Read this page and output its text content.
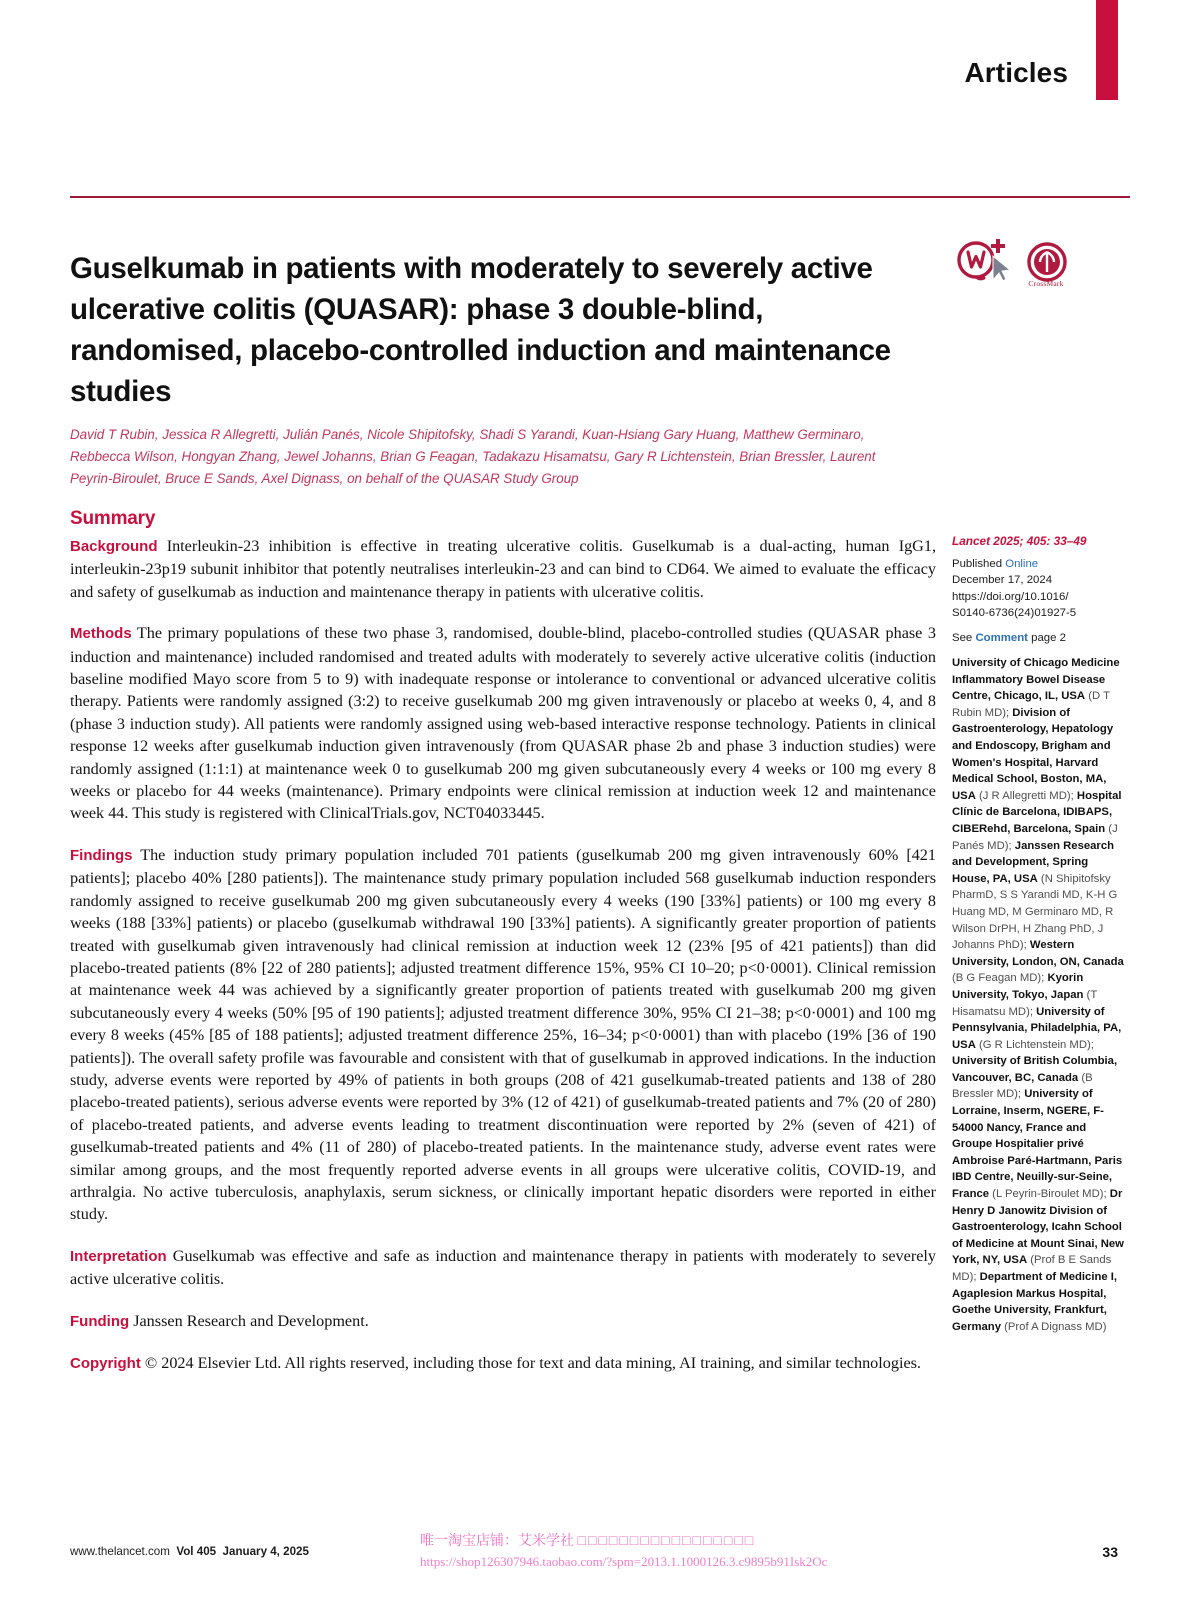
Articles
Guselkumab in patients with moderately to severely active ulcerative colitis (QUASAR): phase 3 double-blind, randomised, placebo-controlled induction and maintenance studies
CrossMark
David T Rubin, Jessica R Allegretti, Julián Panés, Nicole Shipitofsky, Shadi S Yarandi, Kuan-Hsiang Gary Huang, Matthew Germinaro, Rebbecca Wilson, Hongyan Zhang, Jewel Johanns, Brian G Feagan, Tadakazu Hisamatsu, Gary R Lichtenstein, Brian Bressler, Laurent Peyrin-Biroulet, Bruce E Sands, Axel Dignass, on behalf of the QUASAR Study Group
Summary

Background Interleukin-23 inhibition is effective in treating ulcerative colitis. Guselkumab is a dual-acting, human IgG1, interleukin-23p19 subunit inhibitor that potently neutralises interleukin-23 and can bind to CD64. We aimed to evaluate the efficacy and safety of guselkumab as induction and maintenance therapy in patients with ulcerative colitis.

Methods The primary populations of these two phase 3, randomised, double-blind, placebo-controlled studies (QUASAR phase 3 induction and maintenance) included randomised and treated adults with moderately to severely active ulcerative colitis (induction baseline modified Mayo score from 5 to 9) with inadequate response or intolerance to conventional or advanced ulcerative colitis therapy. Patients were randomly assigned (3:2) to receive guselkumab 200 mg given intravenously or placebo at weeks 0, 4, and 8 (phase 3 induction study). All patients were randomly assigned using web-based interactive response technology. Patients in clinical response 12 weeks after guselkumab induction given intravenously (from QUASAR phase 2b and phase 3 induction studies) were randomly assigned (1:1:1) at maintenance week 0 to guselkumab 200 mg given subcutaneously every 4 weeks or 100 mg every 8 weeks or placebo for 44 weeks (maintenance). Primary endpoints were clinical remission at induction week 12 and maintenance week 44. This study is registered with ClinicalTrials.gov, NCT04033445.

Findings The induction study primary population included 701 patients (guselkumab 200 mg given intravenously 60% [421 patients]; placebo 40% [280 patients]). The maintenance study primary population included 568 guselkumab induction responders randomly assigned to receive guselkumab 200 mg given subcutaneously every 4 weeks (190 [33%] patients) or 100 mg every 8 weeks (188 [33%] patients) or placebo (guselkumab withdrawal 190 [33%] patients). A significantly greater proportion of patients treated with guselkumab given intravenously had clinical remission at induction week 12 (23% [95 of 421 patients]) than did placebo-treated patients (8% [22 of 280 patients]; adjusted treatment difference 15%, 95% CI 10–20; p<0·0001). Clinical remission at maintenance week 44 was achieved by a significantly greater proportion of patients treated with guselkumab 200 mg given subcutaneously every 4 weeks (50% [95 of 190 patients]; adjusted treatment difference 30%, 95% CI 21–38; p<0·0001) and 100 mg every 8 weeks (45% [85 of 188 patients]; adjusted treatment difference 25%, 16–34; p<0·0001) than with placebo (19% [36 of 190 patients]). The overall safety profile was favourable and consistent with that of guselkumab in approved indications. In the induction study, adverse events were reported by 49% of patients in both groups (208 of 421 guselkumab-treated patients and 138 of 280 placebo-treated patients), serious adverse events were reported by 3% (12 of 421) of guselkumab-treated patients and 7% (20 of 280) of placebo-treated patients, and adverse events leading to treatment discontinuation were reported by 2% (seven of 421) of guselkumab-treated patients and 4% (11 of 280) of placebo-treated patients. In the maintenance study, adverse event rates were similar among groups, and the most frequently reported adverse events in all groups were ulcerative colitis, COVID-19, and arthralgia. No active tuberculosis, anaphylaxis, serum sickness, or clinically important hepatic disorders were reported in either study.

Interpretation Guselkumab was effective and safe as induction and maintenance therapy in patients with moderately to severely active ulcerative colitis.

Funding Janssen Research and Development.

Copyright © 2024 Elsevier Ltd. All rights reserved, including those for text and data mining, AI training, and similar technologies.

Lancet 2025; 405: 33–49
Published Online
December 17, 2024
https://doi.org/10.1016/
S0140-6736(24)01927-5
See Comment page 2
University of Chicago Medicine Inflammatory Bowel Disease Centre, Chicago, IL, USA (D T Rubin MD); Division of Gastroenterology, Hepatology and Endoscopy, Brigham and Women's Hospital, Harvard Medical School, Boston, MA, USA (J R Allegretti MD); Hospital Clínic de Barcelona, IDIBAPS, CIBERehd, Barcelona, Spain (J Panés MD); Janssen Research and Development, Spring House, PA, USA (N Shipitofsky PharmD, S S Yarandi MD, K-H G Huang MD, M Germinaro MD, R Wilson DrPH, H Zhang PhD, J Johanns PhD); Western University, London, ON, Canada (B G Feagan MD); Kyorin University, Tokyo, Japan (T Hisamatsu MD); University of Pennsylvania, Philadelphia, PA, USA (G R Lichtenstein MD); University of British Columbia, Vancouver, BC, Canada (B Bressler MD); University of Lorraine, Inserm, NGERE, F-54000 Nancy, France and Groupe Hospitalier privé Ambroise Paré-Hartmann, Paris IBD Centre, Neuilly-sur-Seine, France (L Peyrin-Biroulet MD); Dr Henry D Janowitz Division of Gastroenterology, Icahn School of Medicine at Mount Sinai, New York, NY, USA (Prof B E Sands MD); Department of Medicine I, Agaplesion Markus Hospital, Goethe University, Frankfurt, Germany (Prof A Dignass MD)
www.thelancet.com Vol 405 January 4, 2025	33
唯一淘宝店铺：艾米学社 □□□□□□□□□□□□□□□□□
https://shop126307946.taobao.com/?spm=2013.1.1000126.3.c9895b91Isk2Oc
